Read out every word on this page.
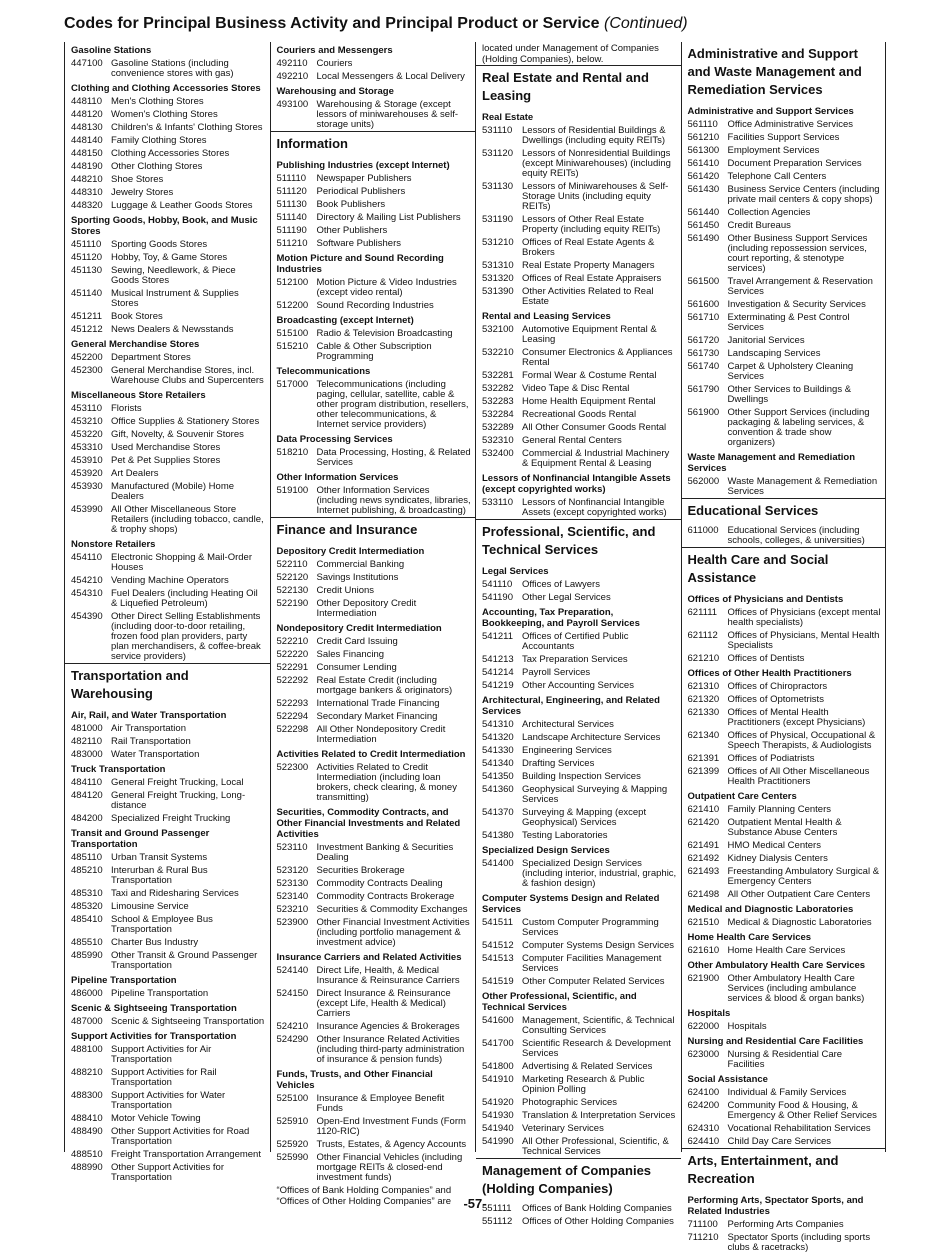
Codes for Principal Business Activity and Principal Product or Service (Continued)
Gasoline Stations
447100 Gasoline Stations (including convenience stores with gas)
Clothing and Clothing Accessories Stores
448110 Men's Clothing Stores
448120 Women's Clothing Stores
448130 Children's & Infants' Clothing Stores
448140 Family Clothing Stores
448150 Clothing Accessories Stores
448190 Other Clothing Stores
448210 Shoe Stores
448310 Jewelry Stores
448320 Luggage & Leather Goods Stores
Sporting Goods, Hobby, Book, and Music Stores
451110	Sporting Goods Stores
451120 Hobby, Toy, & Game Stores
451130 Sewing, Needlework, & Piece Goods Stores
451140 Musical Instrument & Supplies Stores
451211 Book Stores
451212 News Dealers & Newsstands
General Merchandise Stores
452200 Department Stores
452300 General Merchandise Stores, incl. Warehouse Clubs and Supercenters
Miscellaneous Store Retailers
453110 Florists
453210 Office Supplies & Stationery Stores
453220 Gift, Novelty, & Souvenir Stores
453310 Used Merchandise Stores
453910 Pet & Pet Supplies Stores
453920 Art Dealers
453930 Manufactured (Mobile) Home Dealers
453990 All Other Miscellaneous Store Retailers (including tobacco, candle, & trophy shops)
Nonstore Retailers
454110 Electronic Shopping & Mail-Order Houses
454210 Vending Machine Operators
454310 Fuel Dealers (including Heating Oil & Liquefied Petroleum)
454390 Other Direct Selling Establishments (including door-to-door retailing, frozen food plan providers, party plan merchandisers, & coffee-break service providers)
Transportation and Warehousing
Air, Rail, and Water Transportation
481000 Air Transportation
482110 Rail Transportation
483000 Water Transportation
Truck Transportation
484110 General Freight Trucking, Local
484120 General Freight Trucking, Long-distance
484200 Specialized Freight Trucking
Transit and Ground Passenger Transportation
485110 Urban Transit Systems
485210 Interurban & Rural Bus Transportation
485310 Taxi and Ridesharing Services
485320 Limousine Service
485410 School & Employee Bus Transportation
485510 Charter Bus Industry
485990 Other Transit & Ground Passenger Transportation
Pipeline Transportation
486000 Pipeline Transportation
Scenic & Sightseeing Transportation
487000 Scenic & Sightseeing Transportation
Support Activities for Transportation
488100 Support Activities for Air Transportation
488210 Support Activities for Rail Transportation
488300 Support Activities for Water Transportation
488410 Motor Vehicle Towing
488490 Other Support Activities for Road Transportation
488510 Freight Transportation Arrangement
488990 Other Support Activities for Transportation
Couriers and Messengers
492110 Couriers
492210 Local Messengers & Local Delivery
Warehousing and Storage
493100 Warehousing & Storage (except lessors of miniwarehouses & self-storage units)
Information
Publishing Industries (except Internet)
511110	Newspaper Publishers
511120	Periodical Publishers
511130	Book Publishers
511140	Directory & Mailing List Publishers
511190	Other Publishers
511210 Software Publishers
Motion Picture and Sound Recording Industries
512100 Motion Picture & Video Industries (except video rental)
512200 Sound Recording Industries
Broadcasting (except Internet)
515100 Radio & Television Broadcasting
515210 Cable & Other Subscription Programming
Telecommunications
517000 Telecommunications (including paging, cellular, satellite, cable & other program distribution, resellers, other telecommunications, & Internet service providers)
Data Processing Services
518210 Data Processing, Hosting, & Related Services
Other Information Services
519100 Other Information Services (including news syndicates, libraries, Internet publishing, & broadcasting)
Finance and Insurance
Depository Credit Intermediation
522110 Commercial Banking
522120 Savings Institutions
522130 Credit Unions
522190 Other Depository Credit Intermediation
Nondepository Credit Intermediation
522210 Credit Card Issuing
522220 Sales Financing
522291 Consumer Lending
522292 Real Estate Credit (including mortgage bankers & originators)
522293 International Trade Financing
522294 Secondary Market Financing
522298 All Other Nondepository Credit Intermediation
Activities Related to Credit Intermediation
522300 Activities Related to Credit Intermediation (including loan brokers, check clearing, & money transmitting)
Securities, Commodity Contracts, and Other Financial Investments and Related Activities
523110 Investment Banking & Securities Dealing
523120 Securities Brokerage
523130 Commodity Contracts Dealing
523140 Commodity Contracts Brokerage
523210 Securities & Commodity Exchanges
523900 Other Financial Investment Activities (including portfolio management & investment advice)
Insurance Carriers and Related Activities
524140 Direct Life, Health, & Medical Insurance & Reinsurance Carriers
524150 Direct Insurance & Reinsurance (except Life, Health & Medical) Carriers
524210 Insurance Agencies & Brokerages
524290 Other Insurance Related Activities (including third-party administration of insurance & pension funds)
Funds, Trusts, and Other Financial Vehicles
525100 Insurance & Employee Benefit Funds
525910 Open-End Investment Funds (Form 1120-RIC)
525920 Trusts, Estates, & Agency Accounts
525990 Other Financial Vehicles (including mortgage REITs & closed-end investment funds)
“Offices of Bank Holding Companies” and “Offices of Other Holding Companies” are
located under Management of Companies (Holding Companies), below.
Real Estate and Rental and Leasing
Real Estate
531110	Lessors of Residential Buildings & Dwellings (including equity REITs)
531120 Lessors of Nonresidential Buildings (except Miniwarehouses) (including equity REITs)
531130 Lessors of Miniwarehouses & Self-Storage Units (including equity REITs)
531190 Lessors of Other Real Estate Property (including equity REITs)
531210 Offices of Real Estate Agents & Brokers
531310 Real Estate Property Managers
531320 Offices of Real Estate Appraisers
531390 Other Activities Related to Real Estate
Rental and Leasing Services
532100 Automotive Equipment Rental & Leasing
532210 Consumer Electronics & Appliances Rental
532281 Formal Wear & Costume Rental
532282 Video Tape & Disc Rental
532283 Home Health Equipment Rental
532284 Recreational Goods Rental
532289 All Other Consumer Goods Rental
532310 General Rental Centers
532400 Commercial & Industrial Machinery & Equipment Rental & Leasing
Lessors of Nonfinancial Intangible Assets (except copyrighted works)
533110 Lessors of Nonfinancial Intangible Assets (except copyrighted works)
Professional, Scientific, and Technical Services
Legal Services
541110	Offices of Lawyers
541190 Other Legal Services
Accounting, Tax Preparation, Bookkeeping, and Payroll Services
541211 Offices of Certified Public Accountants
541213 Tax Preparation Services
541214 Payroll Services
541219 Other Accounting Services
Architectural, Engineering, and Related Services
541310 Architectural Services
541320 Landscape Architecture Services
541330 Engineering Services
541340 Drafting Services
541350 Building Inspection Services
541360 Geophysical Surveying & Mapping Services
541370 Surveying & Mapping (except Geophysical) Services
541380 Testing Laboratories
Specialized Design Services
541400 Specialized Design Services (including interior, industrial, graphic, & fashion design)
Computer Systems Design and Related Services
541511 Custom Computer Programming Services
541512 Computer Systems Design Services
541513 Computer Facilities Management Services
541519 Other Computer Related Services
Other Professional, Scientific, and Technical Services
541600 Management, Scientific, & Technical Consulting Services
541700 Scientific Research & Development Services
541800 Advertising & Related Services
541910 Marketing Research & Public Opinion Polling
541920 Photographic Services
541930 Translation & Interpretation Services
541940 Veterinary Services
541990 All Other Professional, Scientific, & Technical Services
Management of Companies (Holding Companies)
551111	Offices of Bank Holding Companies
551112	Offices of Other Holding Companies
Administrative and Support and Waste Management and Remediation Services
Administrative and Support Services
561110	Office Administrative Services
561210 Facilities Support Services
561300 Employment Services
561410 Document Preparation Services
561420 Telephone Call Centers
561430 Business Service Centers (including private mail centers & copy shops)
561440 Collection Agencies
561450 Credit Bureaus
561490 Other Business Support Services (including repossession services, court reporting, & stenotype services)
561500 Travel Arrangement & Reservation Services
561600 Investigation & Security Services
561710 Exterminating & Pest Control Services
561720 Janitorial Services
561730 Landscaping Services
561740 Carpet & Upholstery Cleaning Services
561790 Other Services to Buildings & Dwellings
561900 Other Support Services (including packaging & labeling services, & convention & trade show organizers)
Waste Management and Remediation Services
562000 Waste Management & Remediation Services
Educational Services
611000 Educational Services (including schools, colleges, & universities)
Health Care and Social Assistance
Offices of Physicians and Dentists
621111	Offices of Physicians (except mental health specialists)
621112	Offices of Physicians, Mental Health Specialists
621210 Offices of Dentists
Offices of Other Health Practitioners
621310 Offices of Chiropractors
621320 Offices of Optometrists
621330 Offices of Mental Health Practitioners (except Physicians)
621340 Offices of Physical, Occupational & Speech Therapists, & Audiologists
621391 Offices of Podiatrists
621399 Offices of All Other Miscellaneous Health Practitioners
Outpatient Care Centers
621410 Family Planning Centers
621420 Outpatient Mental Health & Substance Abuse Centers
621491 HMO Medical Centers
621492 Kidney Dialysis Centers
621493 Freestanding Ambulatory Surgical & Emergency Centers
621498 All Other Outpatient Care Centers
Medical and Diagnostic Laboratories
621510 Medical & Diagnostic Laboratories
Home Health Care Services
621610 Home Health Care Services
Other Ambulatory Health Care Services
621900 Other Ambulatory Health Care Services (including ambulance services & blood & organ banks)
Hospitals
622000 Hospitals
Nursing and Residential Care Facilities
623000 Nursing & Residential Care Facilities
Social Assistance
624100 Individual & Family Services
624200 Community Food & Housing, & Emergency & Other Relief Services
624310 Vocational Rehabilitation Services
624410 Child Day Care Services
Arts, Entertainment, and Recreation
Performing Arts, Spectator Sports, and Related Industries
711100	Performing Arts Companies
711210 Spectator Sports (including sports clubs & racetracks)
-57-
